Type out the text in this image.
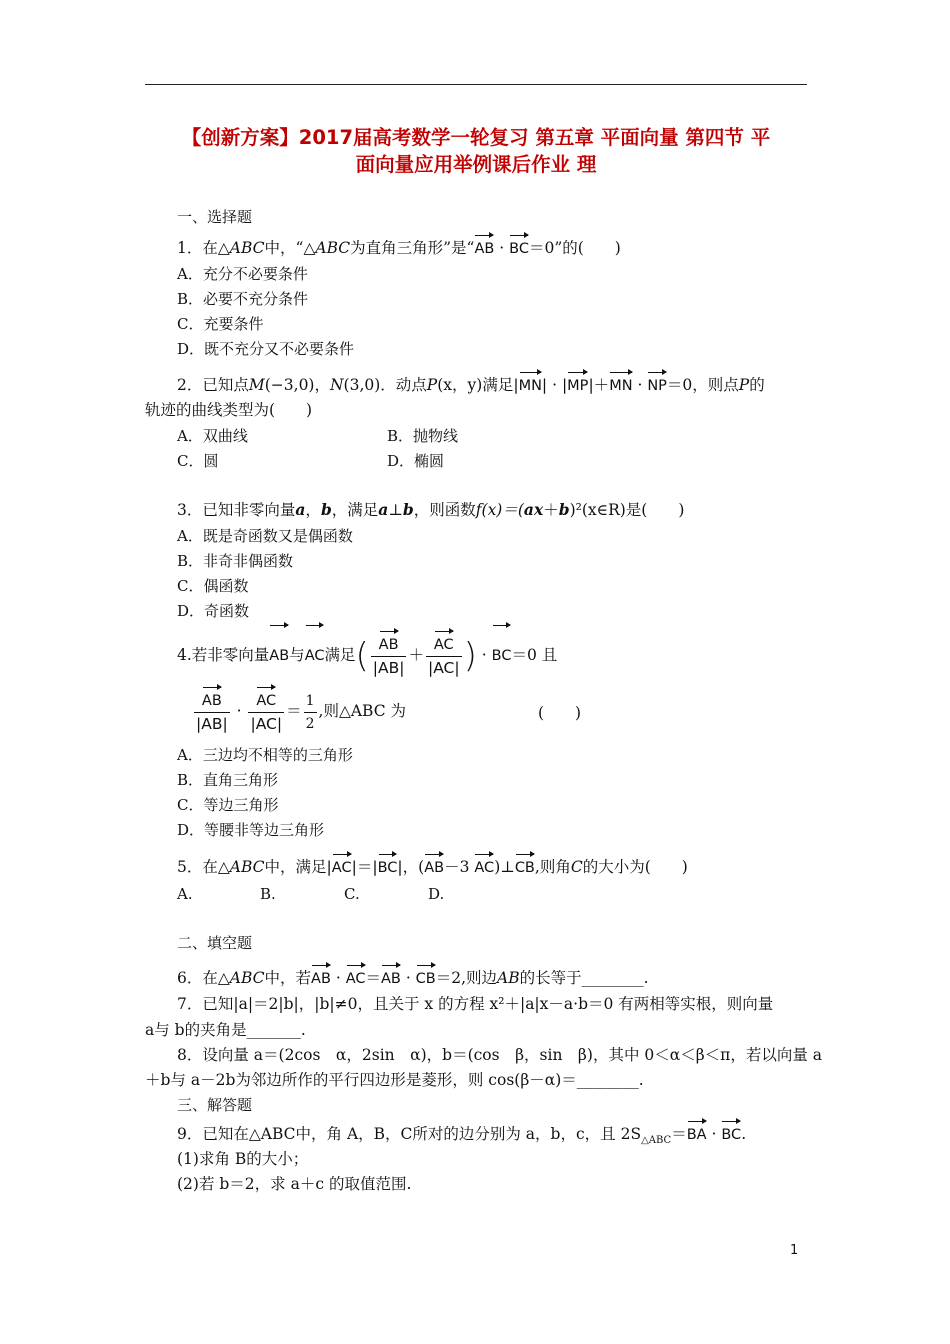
【创新方案】2017届高考数学一轮复习 第五章 平面向量 第四节 平
面向量应用举例课后作业 理
一、选择题
1．在△ABC中，“△ABC为直角三角形”是“AB · BC＝0”的(　　)
A．充分不必要条件
B．必要不充分条件
C．充要条件
D．既不充分又不必要条件
2．已知点M(−3,0)，N(3,0)．动点P(x，y)满足|MN| · |MP|＋MN · NP＝0，则点P的
轨迹的曲线类型为(　　)
A．双曲线	B．抛物线
C．圆	D．椭圆
3．已知非零向量a，b，满足a⊥b，则函数f(x)＝(ax＋b)²(x∈R)是(　　)
A．既是奇函数又是偶函数
B．非奇非偶函数
C．偶函数
D．奇函数
4.若非零向量AB与AC满足( $\frac{AB}{|AB|} + \frac{AC}{|AC|}$ ) · BC＝0 且
$\frac{AB}{|AB|} \cdot \frac{AC}{|AC|} = \frac{1}{2}$ ,则△ABC 为	(　　)
A．三边均不相等的三角形
B．直角三角形
C．等边三角形
D．等腰非等边三角形
5．在△ABC中，满足|AC|＝|BC|，(AB－3 AC)⊥CB,则角C的大小为(　　)
A.	B.	C.	D.
二、填空题
6．在△ABC中，若AB · AC＝AB · CB＝2,则边AB的长等于________.
7．已知|a|＝2|b|，|b|≠0，且关于 x 的方程 x²＋|a|x－a·b＝0 有两相等实根，则向量
a与 b的夹角是_______.
8．设向量 a＝(2cos　α，2sin　α)，b＝(cos　β，sin　β)，其中 0＜α＜β＜π，若以向量 a
＋b与 a－2b为邻边所作的平行四边形是菱形，则 cos(β－α)＝________.
三、解答题
9．已知在△ABC中，角 A，B，C所对的边分别为 a，b，c，且 $2S_{\triangle ABC}=BA$ · BC.
(1)求角 B的大小；
(2)若 b＝2，求 a＋c 的取值范围.
1
